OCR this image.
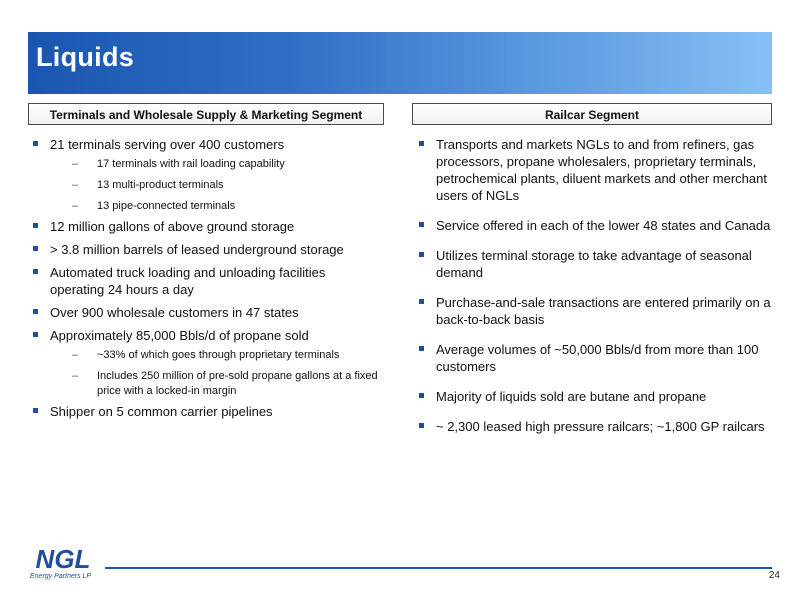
Liquids
Terminals and Wholesale Supply & Marketing Segment	Railcar Segment
21 terminals serving over 400 customers
– 17 terminals with rail loading capability
– 13 multi-product terminals
– 13 pipe-connected terminals
12 million gallons of above ground storage
> 3.8 million barrels of leased underground storage
Automated truck loading and unloading facilities operating 24 hours a day
Over 900 wholesale customers in 47 states
Approximately 85,000 Bbls/d of propane sold
– ~33% of which goes through proprietary terminals
– Includes 250 million of pre-sold propane gallons at a fixed price with a locked-in margin
Shipper on 5 common carrier pipelines
Transports and markets NGLs to and from refiners, gas processors, propane wholesalers, proprietary terminals, petrochemical plants, diluent markets and other merchant users of NGLs
Service offered in each of the lower 48 states and Canada
Utilizes terminal storage to take advantage of seasonal demand
Purchase-and-sale transactions are entered primarily on a back-to-back basis
Average volumes of ~50,000 Bbls/d from more than 100 customers
Majority of liquids sold are butane and propane
~ 2,300 leased high pressure railcars; ~1,800 GP railcars
NGL
Energy Partners LP	24
